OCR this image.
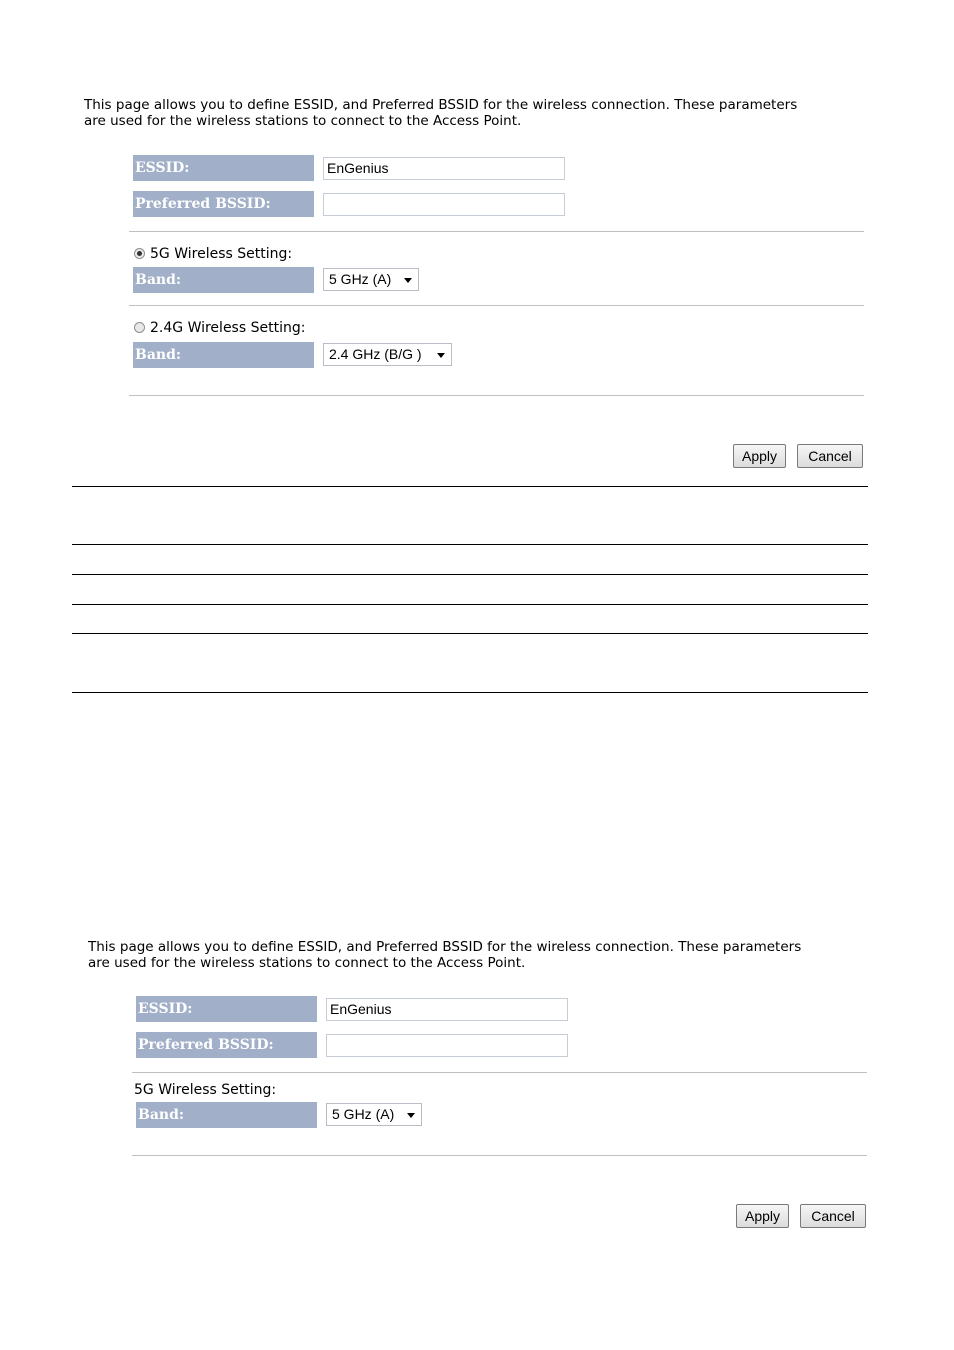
This page allows you to define ESSID, and Preferred BSSID for the wireless connection. These parameters
are used for the wireless stations to connect to the Access Point.
ESSID:	EnGenius
Preferred BSSID:
5G Wireless Setting:
Band:	5 GHz (A)
2.4G Wireless Setting:
Band:	2.4 GHz (B/G )
Apply	Cancel
This page allows you to define ESSID, and Preferred BSSID for the wireless connection. These parameters
are used for the wireless stations to connect to the Access Point.
ESSID:	EnGenius
Preferred BSSID:
5G Wireless Setting:
Band:	5 GHz (A)
Apply	Cancel
